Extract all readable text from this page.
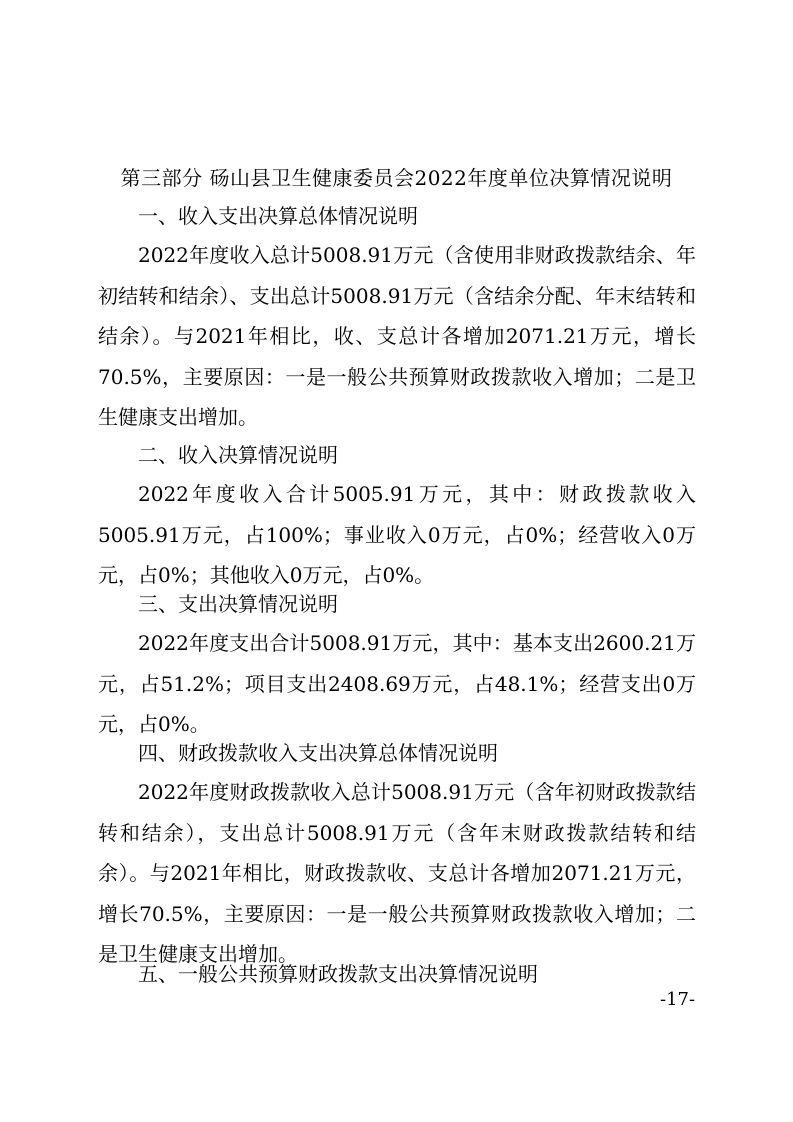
第三部分 砀山县卫生健康委员会2022年度单位决算情况说明
一、收入支出决算总体情况说明
2022年度收入总计5008.91万元（含使用非财政拨款结余、年初结转和结余）、支出总计5008.91万元（含结余分配、年末结转和结余）。与2021年相比，收、支总计各增加2071.21万元，增长70.5%，主要原因：一是一般公共预算财政拨款收入增加；二是卫生健康支出增加。
二、收入决算情况说明
2022年度收入合计5005.91万元，其中：财政拨款收入5005.91万元，占100%；事业收入0万元，占0%；经营收入0万元，占0%；其他收入0万元，占0%。
三、支出决算情况说明
2022年度支出合计5008.91万元，其中：基本支出2600.21万元，占51.2%；项目支出2408.69万元，占48.1%；经营支出0万元，占0%。
四、财政拨款收入支出决算总体情况说明
2022年度财政拨款收入总计5008.91万元（含年初财政拨款结转和结余），支出总计5008.91万元（含年末财政拨款结转和结余）。与2021年相比，财政拨款收、支总计各增加2071.21万元，增长70.5%，主要原因：一是一般公共预算财政拨款收入增加；二是卫生健康支出增加。
五、一般公共预算财政拨款支出决算情况说明
-17-
